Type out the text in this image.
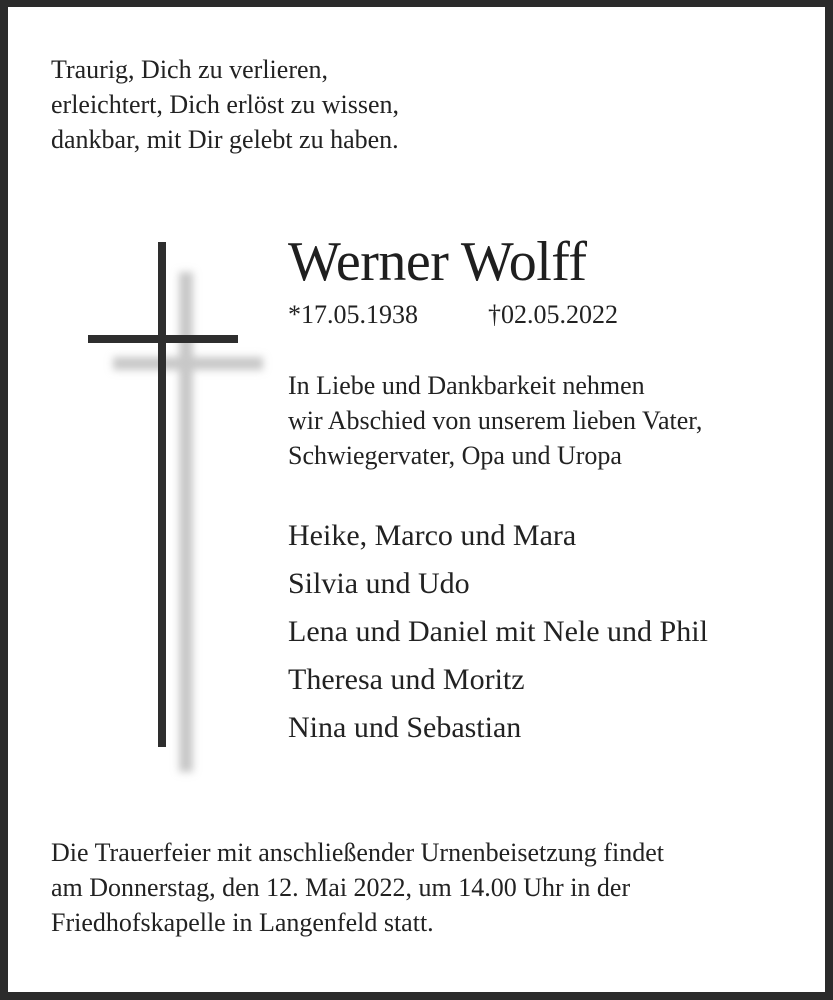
Traurig, Dich zu verlieren,
erleichtert, Dich erlöst zu wissen,
dankbar, mit Dir gelebt zu haben.
Werner Wolff
*17.05.1938	†02.05.2022
In Liebe und Dankbarkeit nehmen
wir Abschied von unserem lieben Vater,
Schwiegervater, Opa und Uropa
Heike, Marco und Mara
Silvia und Udo
Lena und Daniel mit Nele und Phil
Theresa und Moritz
Nina und Sebastian
Die Trauerfeier mit anschließender Urnenbeisetzung findet
am Donnerstag, den 12. Mai 2022, um 14.00 Uhr in der
Friedhofskapelle in Langenfeld statt.
